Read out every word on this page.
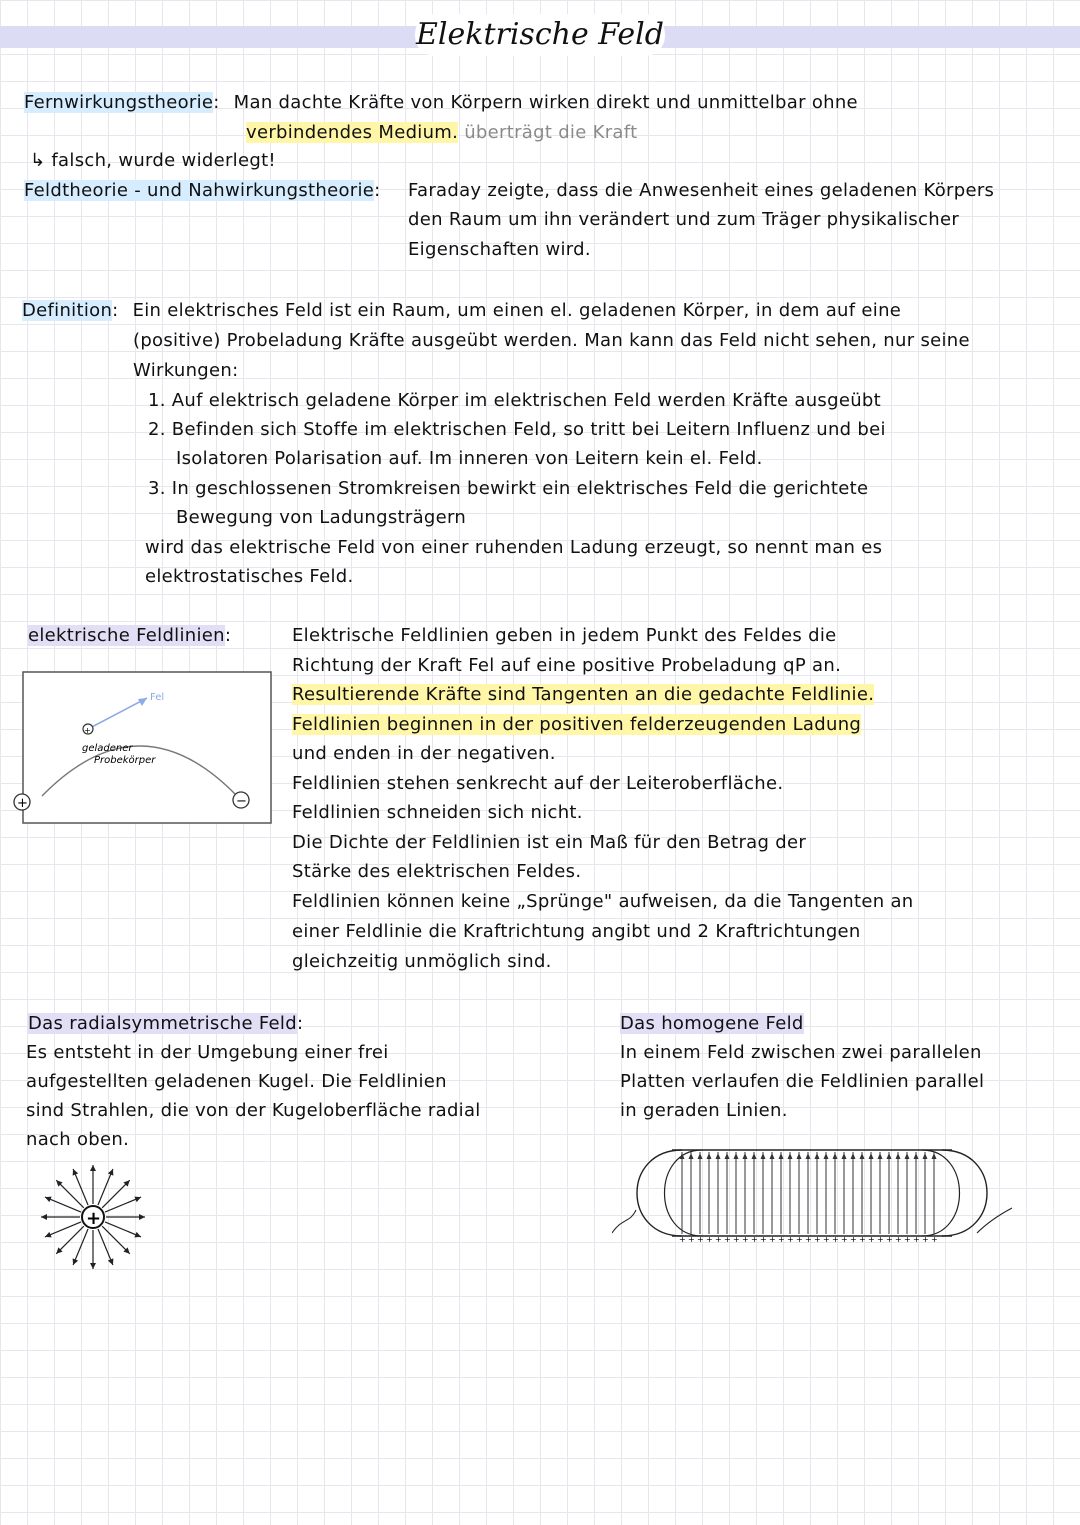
Elektrische Feld
Fernwirkungstheorie: Man dachte Kräfte von Körpern wirken direkt und unmittelbar ohne
verbindendes Medium. überträgt die Kraft
↳ falsch, wurde widerlegt!
Feldtheorie - und Nahwirkungstheorie: Faraday zeigte, dass die Anwesenheit eines geladenen Körpers
den Raum um ihn verändert und zum Träger physikalischer
Eigenschaften wird.
Definition: Ein elektrisches Feld ist ein Raum, um einen el. geladenen Körper, in dem auf eine
(positive) Probeladung Kräfte ausgeübt werden. Man kann das Feld nicht sehen, nur seine
Wirkungen:
1. Auf elektrisch geladene Körper im elektrischen Feld werden Kräfte ausgeübt
2. Befinden sich Stoffe im elektrischen Feld, so tritt bei Leitern Influenz und bei
Isolatoren Polarisation auf. Im inneren von Leitern kein el. Feld.
3. In geschlossenen Stromkreisen bewirkt ein elektrisches Feld die gerichtete
Bewegung von Ladungsträgern
wird das elektrische Feld von einer ruhenden Ladung erzeugt, so nennt man es
elektrostatisches Feld.
elektrische Feldlinien:	Elektrische Feldlinien geben in jedem Punkt des Feldes die
Richtung der Kraft Fel auf eine positive Probeladung qP an.
Resultierende Kräfte sind Tangenten an die gedachte Feldlinie.
Feldlinien beginnen in der positiven felderzeugenden Ladung
und enden in der negativen.
Feldlinien stehen senkrecht auf der Leiteroberfläche.
Feldlinien schneiden sich nicht.
Die Dichte der Feldlinien ist ein Maß für den Betrag der
Stärke des elektrischen Feldes.
Feldlinien können keine „Sprünge" aufweisen, da die Tangenten an
einer Feldlinie die Kraftrichtung angibt und 2 Kraftrichtungen
gleichzeitig unmöglich sind.
Fel
+
geladener
Probekörper
−
+
Das radialsymmetrische Feld:
Es entsteht in der Umgebung einer frei
aufgestellten geladenen Kugel. Die Feldlinien
sind Strahlen, die von der Kugeloberfläche radial
nach oben.
+
Das homogene Feld
In einem Feld zwischen zwei parallelen
Platten verlaufen die Feldlinien parallel
in geraden Linien.
+ + + + + + + + + + + + + + + + + + + + + + + + + + + + +
